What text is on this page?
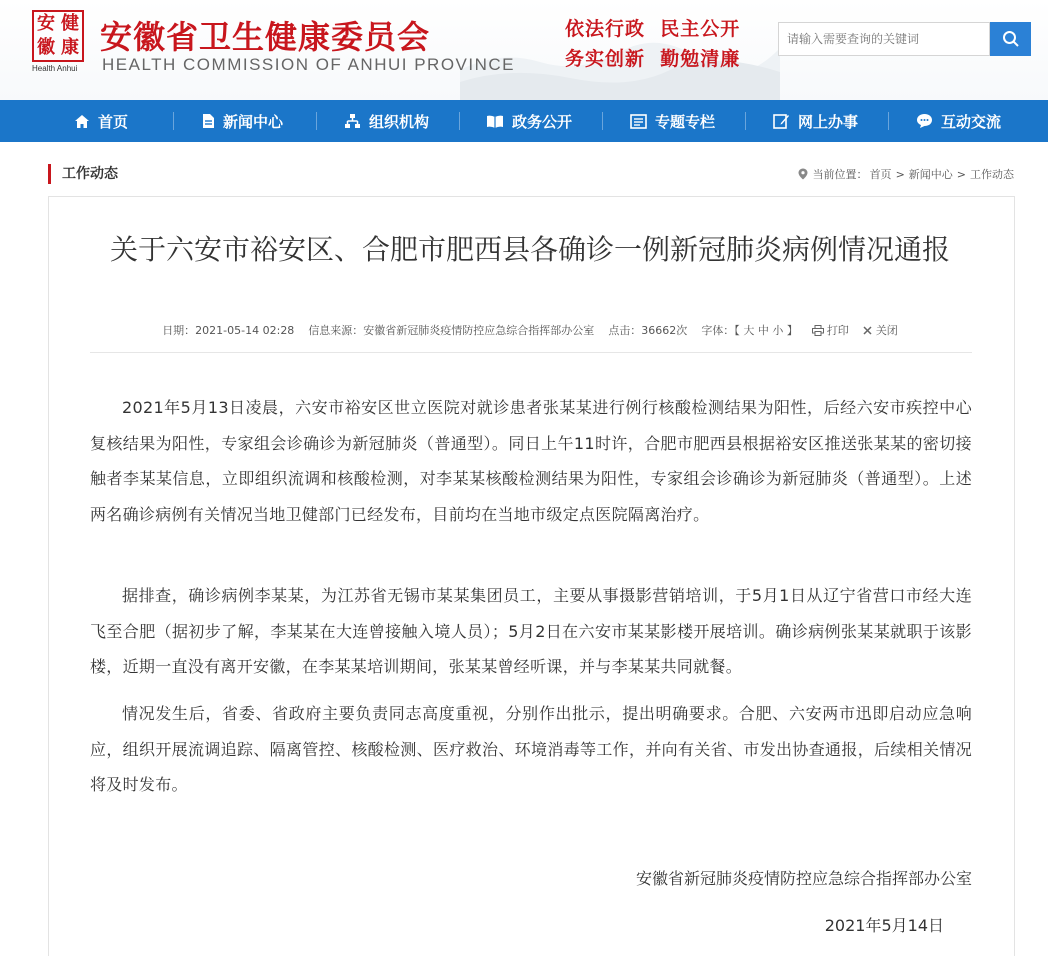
安 健
徽 康
Health Anhui
安徽省卫生健康委员会
HEALTH COMMISSION OF ANHUI PROVINCE
依法行政  民主公开
务实创新  勤勉清廉
请输入需要查询的关键词
首页	新闻中心	组织机构	政务公开	专题专栏	网上办事	互动交流
工作动态	当前位置： 首页 > 新闻中心 > 工作动态
关于六安市裕安区、合肥市肥西县各确诊一例新冠肺炎病例情况通报
日期：2021-05-14 02:28 信息来源：安徽省新冠肺炎疫情防控应急综合指挥部办公室 点击：36662次 字体：【 大 中 小 】	打印 关闭
2021年5月13日凌晨，六安市裕安区世立医院对就诊患者张某某进行例行核酸检测结果为阳性，后经六安市疾控中心复核结果为阳性，专家组会诊确诊为新冠肺炎（普通型）。同日上午11时许，合肥市肥西县根据裕安区推送张某某的密切接触者李某某信息，立即组织流调和核酸检测，对李某某核酸检测结果为阳性，专家组会诊确诊为新冠肺炎（普通型）。上述两名确诊病例有关情况当地卫健部门已经发布，目前均在当地市级定点医院隔离治疗。
据排查，确诊病例李某某，为江苏省无锡市某某集团员工，主要从事摄影营销培训，于5月1日从辽宁省营口市经大连飞至合肥（据初步了解，李某某在大连曾接触入境人员）；5月2日在六安市某某影楼开展培训。确诊病例张某某就职于该影楼，近期一直没有离开安徽，在李某某培训期间，张某某曾经听课，并与李某某共同就餐。
情况发生后，省委、省政府主要负责同志高度重视，分别作出批示，提出明确要求。合肥、六安两市迅即启动应急响应，组织开展流调追踪、隔离管控、核酸检测、医疗救治、环境消毒等工作，并向有关省、市发出协查通报，后续相关情况将及时发布。
安徽省新冠肺炎疫情防控应急综合指挥部办公室
2021年5月14日
